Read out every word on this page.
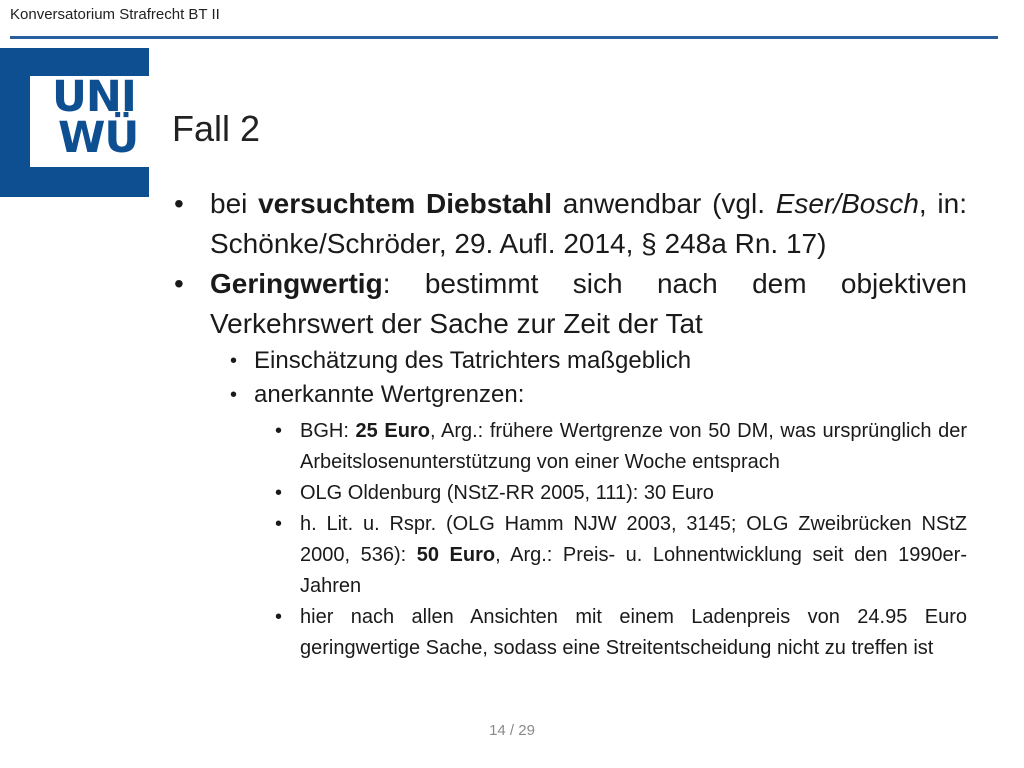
Konversatorium Strafrecht BT II
UNI
WÜ Fall 2
• bei versuchtem Diebstahl anwendbar (vgl. Eser/Bosch, in: Schönke/Schröder, 29. Aufl. 2014, § 248a Rn. 17)
• Geringwertig: bestimmt sich nach dem objektiven Verkehrswert der Sache zur Zeit der Tat
• Einschätzung des Tatrichters maßgeblich
• anerkannte Wertgrenzen:
• BGH: 25 Euro, Arg.: frühere Wertgrenze von 50 DM, was ursprünglich der Arbeitslosenunterstützung von einer Woche entsprach
• OLG Oldenburg (NStZ-RR 2005, 111): 30 Euro
• h. Lit. u. Rspr. (OLG Hamm NJW 2003, 3145; OLG Zweibrücken NStZ 2000, 536): 50 Euro, Arg.: Preis- u. Lohnentwicklung seit den 1990er-Jahren
• hier nach allen Ansichten mit einem Ladenpreis von 24.95 Euro geringwertige Sache, sodass eine Streitentscheidung nicht zu treffen ist
14 / 29
